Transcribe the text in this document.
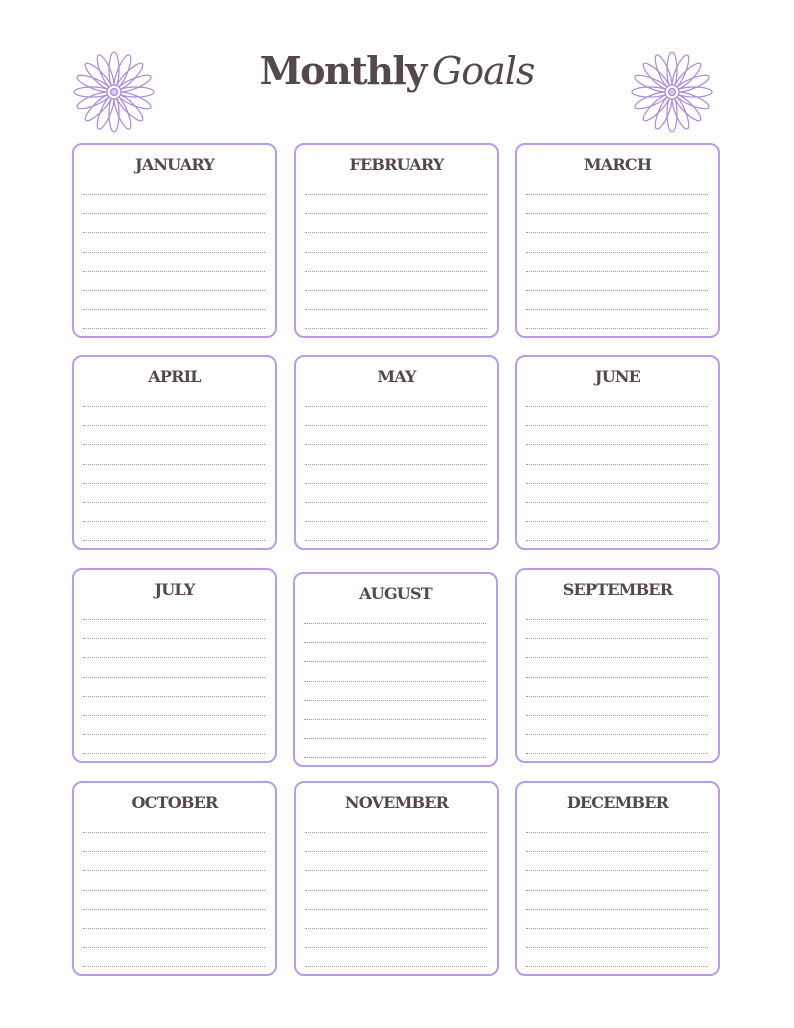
Monthly Goals
JANUARY	FEBRUARY	MARCH
APRIL	MAY	JUNE
JULY	AUGUST	SEPTEMBER
OCTOBER	NOVEMBER	DECEMBER
